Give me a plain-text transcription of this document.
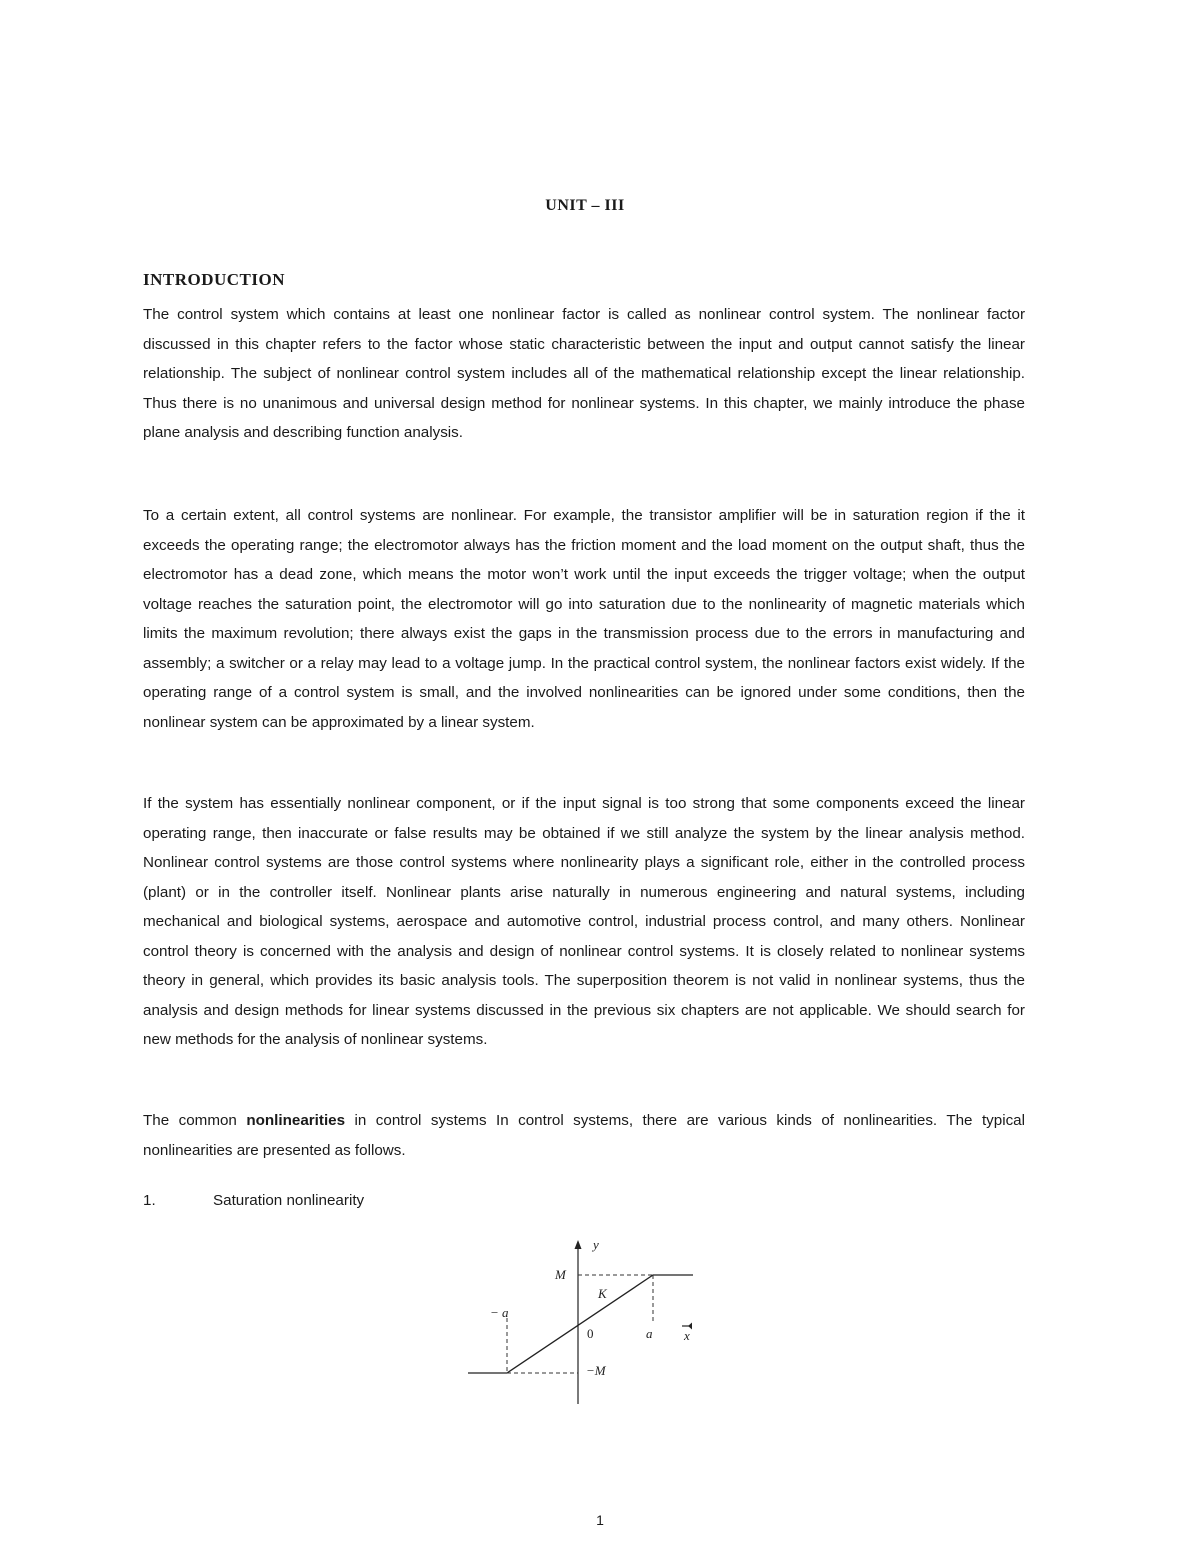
UNIT – III
INTRODUCTION

The control system which contains at least one nonlinear factor is called as nonlinear control system. The nonlinear factor discussed in this chapter refers to the factor whose static characteristic between the input and output cannot satisfy the linear relationship. The subject of nonlinear control system includes all of the mathematical relationship except the linear relationship. Thus there is no unanimous and universal design method for nonlinear systems. In this chapter, we mainly introduce the phase plane analysis and describing function analysis.

To a certain extent, all control systems are nonlinear. For example, the transistor amplifier will be in saturation region if the it exceeds the operating range; the electromotor always has the friction moment and the load moment on the output shaft, thus the electromotor has a dead zone, which means the motor won’t work until the input exceeds the trigger voltage; when the output voltage reaches the saturation point, the electromotor will go into saturation due to the nonlinearity of magnetic materials which limits the maximum revolution; there always exist the gaps in the transmission process due to the errors in manufacturing and assembly; a switcher or a relay may lead to a voltage jump. In the practical control system, the nonlinear factors exist widely. If the operating range of a control system is small, and the involved nonlinearities can be ignored under some conditions, then the nonlinear system can be approximated by a linear system.

If the system has essentially nonlinear component, or if the input signal is too strong that some components exceed the linear operating range, then inaccurate or false results may be obtained if we still analyze the system by the linear analysis method. Nonlinear control systems are those control systems where nonlinearity plays a significant role, either in the controlled process (plant) or in the controller itself. Nonlinear plants arise naturally in numerous engineering and natural systems, including mechanical and biological systems, aerospace and automotive control, industrial process control, and many others. Nonlinear control theory is concerned with the analysis and design of nonlinear control systems. It is closely related to nonlinear systems theory in general, which provides its basic analysis tools. The superposition theorem is not valid in nonlinear systems, thus the analysis and design methods for linear systems discussed in the previous six chapters are not applicable. We should search for new methods for the analysis of nonlinear systems.

The common nonlinearities in control systems In control systems, there are various kinds of nonlinearities. The typical nonlinearities are presented as follows.

1.	Saturation nonlinearity
y
M
K
− a
0	a x
−M
1
